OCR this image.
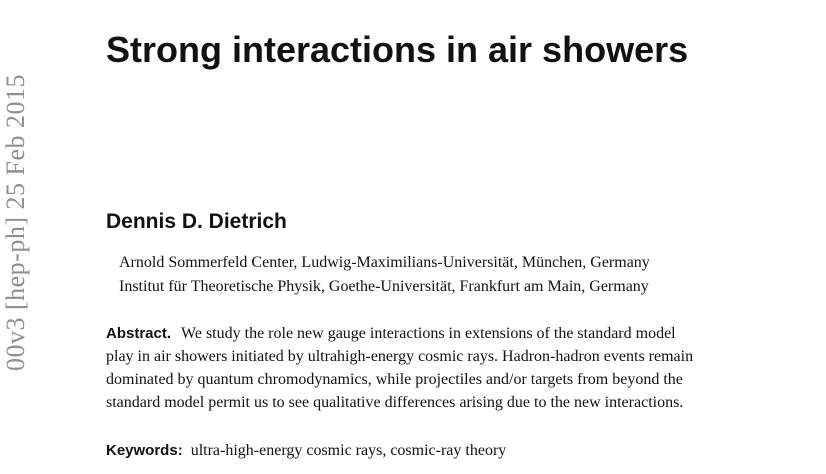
00v3 [hep-ph] 25 Feb 2015
Strong interactions in air showers
Dennis D. Dietrich
Arnold Sommerfeld Center, Ludwig-Maximilians-Universität, München, Germany
Institut für Theoretische Physik, Goethe-Universität, Frankfurt am Main, Germany
Abstract. We study the role new gauge interactions in extensions of the standard model
play in air showers initiated by ultrahigh-energy cosmic rays. Hadron-hadron events remain
dominated by quantum chromodynamics, while projectiles and/or targets from beyond the
standard model permit us to see qualitative differences arising due to the new interactions.
Keywords: ultra-high-energy cosmic rays, cosmic-ray theory
